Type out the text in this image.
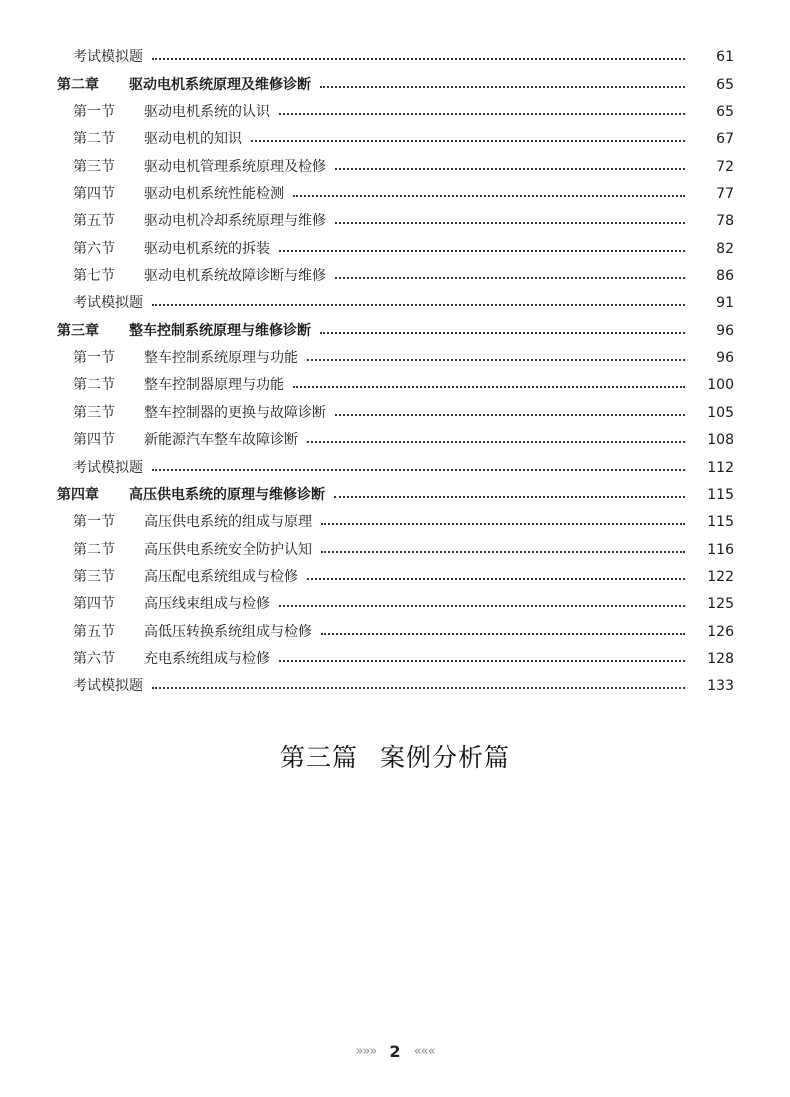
考试模拟题	61
第二章 驱动电机系统原理及维修诊断	65
第一节 驱动电机系统的认识	65
第二节 驱动电机的知识	67
第三节 驱动电机管理系统原理及检修	72
第四节 驱动电机系统性能检测	77
第五节 驱动电机冷却系统原理与维修	78
第六节 驱动电机系统的拆装	82
第七节 驱动电机系统故障诊断与维修	86
考试模拟题	91
第三章 整车控制系统原理与维修诊断	96
第一节 整车控制系统原理与功能	96
第二节 整车控制器原理与功能	100
第三节 整车控制器的更换与故障诊断	105
第四节 新能源汽车整车故障诊断	108
考试模拟题	112
第四章 高压供电系统的原理与维修诊断	115
第一节 高压供电系统的组成与原理	115
第二节 高压供电系统安全防护认知	116
第三节 高压配电系统组成与检修	122
第四节 高压线束组成与检修	125
第五节 高低压转换系统组成与检修	126
第六节 充电系统组成与检修	128
考试模拟题	133
第三篇 案例分析篇
»»» 2 «««
